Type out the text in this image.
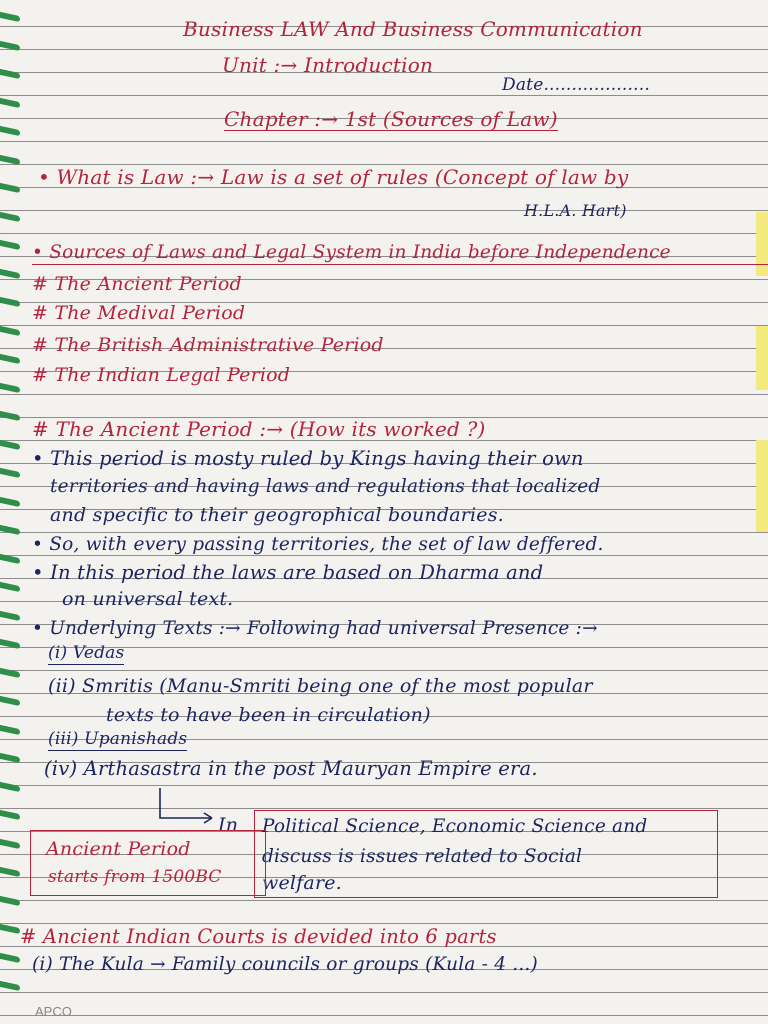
Business LAW And Business Communication
Unit :→ Introduction
Date...................
Chapter :→ 1st (Sources of Law)
• What is Law :→ Law is a set of rules (Concept of law by
H.L.A. Hart)
• Sources of Laws and Legal System in India before Independence
# The Ancient Period
# The Medival Period
# The British Administrative Period
# The Indian Legal Period
# The Ancient Period :→ (How its worked ?)
• This period is mosty ruled by Kings having their own
territories and having laws and regulations that localized
and specific to their geogrophical boundaries.
• So, with every passing territories, the set of law deffered.
• In this period the laws are based on Dharma and
on universal text.
• Underlying Texts :→ Following had universal Presence :→
(i) Vedas
(ii) Smritis (Manu-Smriti being one of the most popular
texts to have been in circulation)
(iii) Upanishads
(iv) Arthasastra in the post Mauryan Empire era.
In Political Science, Economic Science and
discuss is issues related to Social
welfare.
Ancient Period
starts from 1500BC
# Ancient Indian Courts is devided into 6 parts
(i) The Kula → Family councils or groups (Kula - 4 ...)
APCO
